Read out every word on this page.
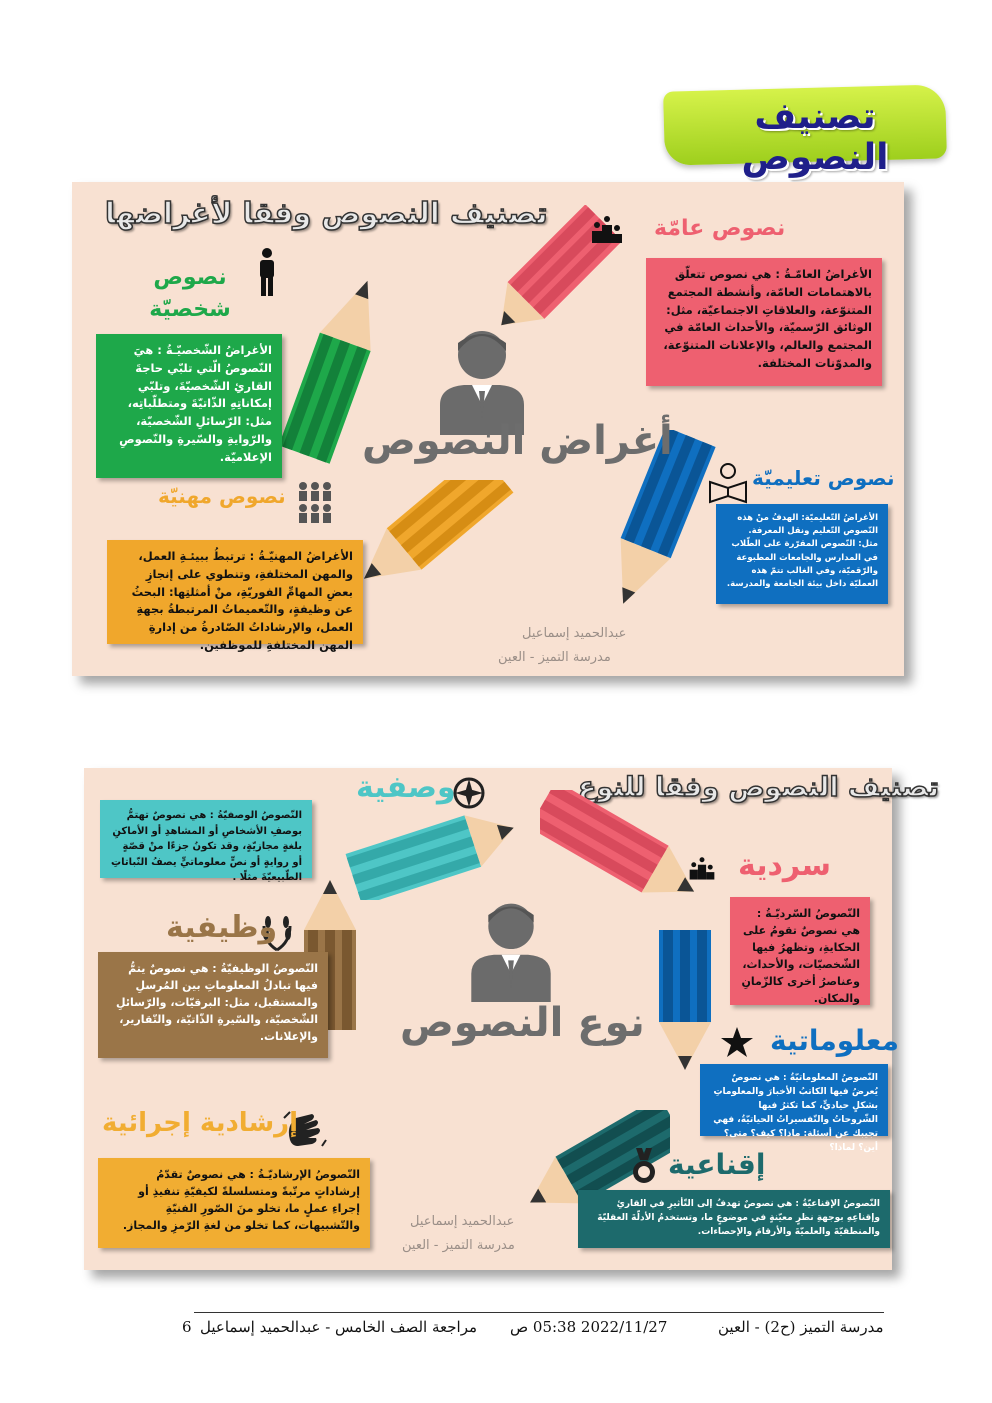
تصنيف النصوص
تصنيف النصوص وفقا لأغراضها
أغراض النصوص
نصوص عامّة
الأغراضُ العامّـةُ : هي نصوص تتعلّق بالاهتمامات العامّة، وأنشطة المجتمع المتنوّعة، والعلاقاتِ الاجتماعيّة، مثل: الوثائق الرّسميّة، والأحداث العامّة في المجتمع والعالم، والإعلانات المتنوّعة، والمدوّنات المختلفة.
نصوص شخصيّة
الأغراضُ الشّخصيّـةُ : هيَ النّصوصُ الّتي تلبّي حاجةَ القارئِ الشّخصيّةَ، وتلبّي إمكاناتِهِ الذّاتيّةَ ومتطلّباتِه، مثل: الرّسائلِ الشّخصيّة، والرّوايةِ والسّيرةِ والنّصوصِ الإعلاميّة.
نصوص تعليميّة
الأغراضُ التّعليميّة: الهدفُ منْ هذه النّصوص التّعليم ونقل المعرفة. مثل: النّصوص المقرّرة على الطّلاب في المدارس والجامعات المطبوعة والرّقميّة، وفي الغالب تتمّ هذه العمليّة داخل بيئة الجامعة والمدرسة.
نصوص مهنيّة
الأغراضُ المهنيّـةُ : ترتبطُ ببيئـةِ العمل، والمهن المختلفةِ، وتنطوي على إنجازِ بعضِ المهامِّ الفوريّةِ، منْ أمثلتِها: البحثُ عن وظيفةٍ، والتّعميماتُ المرتبطةُ بجهةِ العمل، والإرشاداتُ الصّادرةُ من إدارةِ المهن المختلفةِ للموظفين.
عبدالحميد إسماعيل
مدرسة التميز - العين
تصنيف النصوص وفقا للنوع
نوع النصوص
وصفية
النّصوصُ الوصفيّةُ : هي نصوصٌ تهتمُّ بوصفِ الأشخاصِ أو المشاهدِ أو الأماكنِ بلغةٍ مجازيّةٍ، وقد تكونُ جزءًا منْ قصّةٍ أو روايةٍ أو نصٍّ معلوماتيٍّ يصفُ النّباتاتِ الطّبيعيّةَ مثلًا .	سردية
النّصوصُ السّرديّـةُ : هي نصوصٌ تقومُ على الحكايةِ، وتظهرُ فيها الشّخصيّات، والأحداث، وعناصرُ أخرى كالزّمانِ والمكان.
وظيفية
النّصوصُ الوظيفيّةُ : هي نصوصٌ يتمُّ فيها تبادلُ المعلوماتِ بين المُرسلِ والمستقبل، مثل: البرقيّات، والرّسائلِ الشّخصيّة، والسّيرةِ الذّاتيّة، والتّقارير، والإعلانات.	معلوماتية
النّصوصُ المعلوماتيّةُ : هي نصوصٌ يُعرضُ فيها الكاتبُ الأخبارَ والمعلوماتِ بشكلٍ حياديٍّ، كما تكثرُ فيها الشّروحاتُ والتّفسيراتُ الحياتيّةُ، فهي تجيبك عن أسئلة: ماذا؟ كيف؟ متى؟ أين؟ لماذا؟
إرشادية إجرائية
النّصوصُ الإرشاديّـةُ : هي نصوصٌ تقدّمُ إرشاداتٍ مرتّبةً ومتسلسلةً لكيفيّةِ تنفيذِ أو إجراءِ عملٍ ما، تخلو منَ الصّورِ الفنيّةِ والتّشبيهات، كما تخلو من لغةِ الرّمزِ والمجاز.
إقناعية
النّصوصُ الإقناعيّةُ : هي نصوصٌ تهدفُ إلى التّأثيرِ في القارئِ وإقناعِهِ بوجهةِ نظرٍ معيّنةٍ في موضوعٍ ما، وتستخدمُ الأدلّةَ العقليّةَ والمنطقيّةَ والعلميّةَ والأرقامَ والإحصاءات.
عبدالحميد إسماعيل
مدرسة التميز - العين
مدرسة التميز (ح2) - العين
2022/11/27 05:38 ص
مراجعة الصف الخامس - عبدالحميد إسماعيل
6
